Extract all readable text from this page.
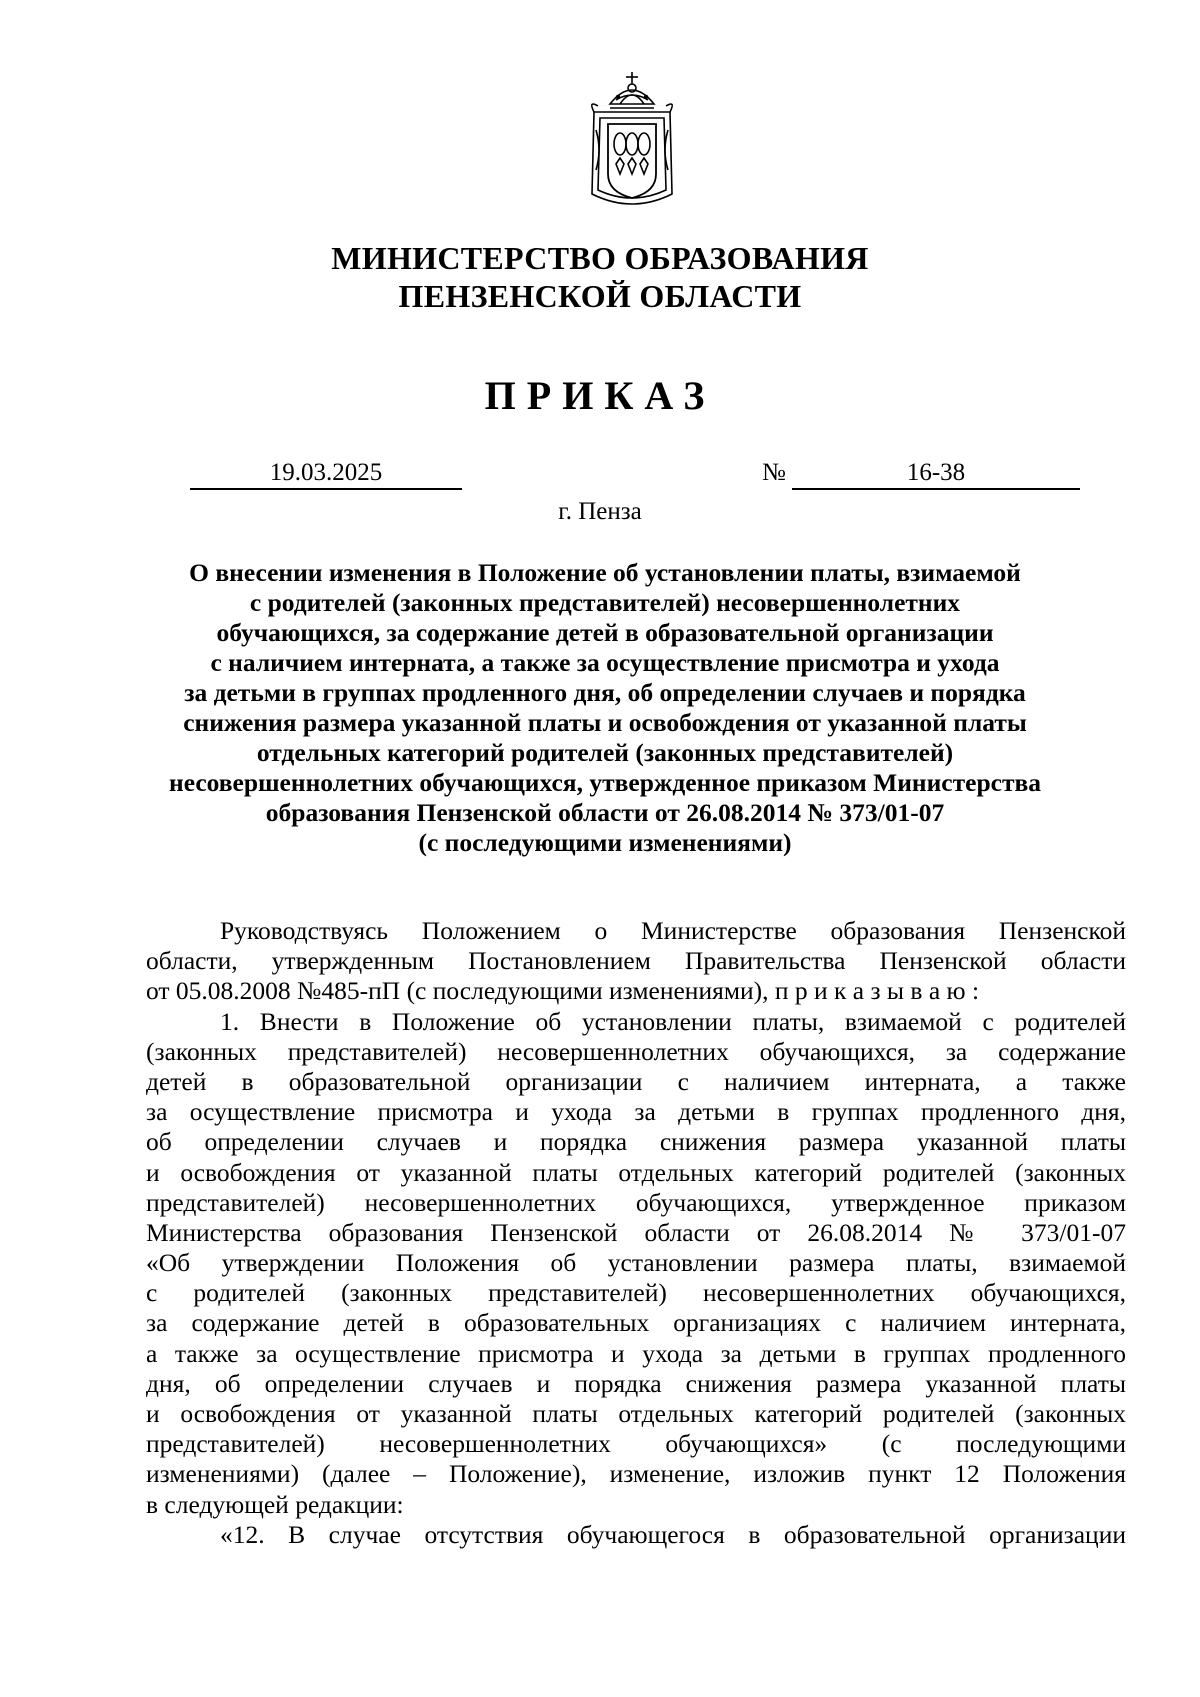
МИНИСТЕРСТВО ОБРАЗОВАНИЯ
ПЕНЗЕНСКОЙ ОБЛАСТИ
ПРИКАЗ
19.03.2025	№	16-38
г. Пенза
О внесении изменения в Положение об установлении платы, взимаемой
с родителей (законных представителей) несовершеннолетних
обучающихся, за содержание детей в образовательной организации
с наличием интерната, а также за осуществление присмотра и ухода
за детьми в группах продленного дня, об определении случаев и порядка
снижения размера указанной платы и освобождения от указанной платы
отдельных категорий родителей (законных представителей)
несовершеннолетних обучающихся, утвержденное приказом Министерства
образования Пензенской области от 26.08.2014 № 373/01-07
(с последующими изменениями)
Руководствуясь Положением о Министерстве образования Пензенской
области, утвержденным Постановлением Правительства Пензенской области
от 05.08.2008 №485-пП (с последующими изменениями), п р и к а з ы в а ю :
1. Внести в Положение об установлении платы, взимаемой с родителей
(законных представителей) несовершеннолетних обучающихся, за содержание
детей в образовательной организации с наличием интерната, а также
за осуществление присмотра и ухода за детьми в группах продленного дня,
об определении случаев и порядка снижения размера указанной платы
и освобождения от указанной платы отдельных категорий родителей (законных
представителей) несовершеннолетних обучающихся, утвержденное приказом
Министерства образования Пензенской области от 26.08.2014 № 373/01-07
«Об утверждении Положения об установлении размера платы, взимаемой
с родителей (законных представителей) несовершеннолетних обучающихся,
за содержание детей в образовательных организациях с наличием интерната,
а также за осуществление присмотра и ухода за детьми в группах продленного
дня, об определении случаев и порядка снижения размера указанной платы
и освобождения от указанной платы отдельных категорий родителей (законных
представителей) несовершеннолетних обучающихся» (с последующими
изменениями) (далее – Положение), изменение, изложив пункт 12 Положения
в следующей редакции:
«12. В случае отсутствия обучающегося в образовательной организации
